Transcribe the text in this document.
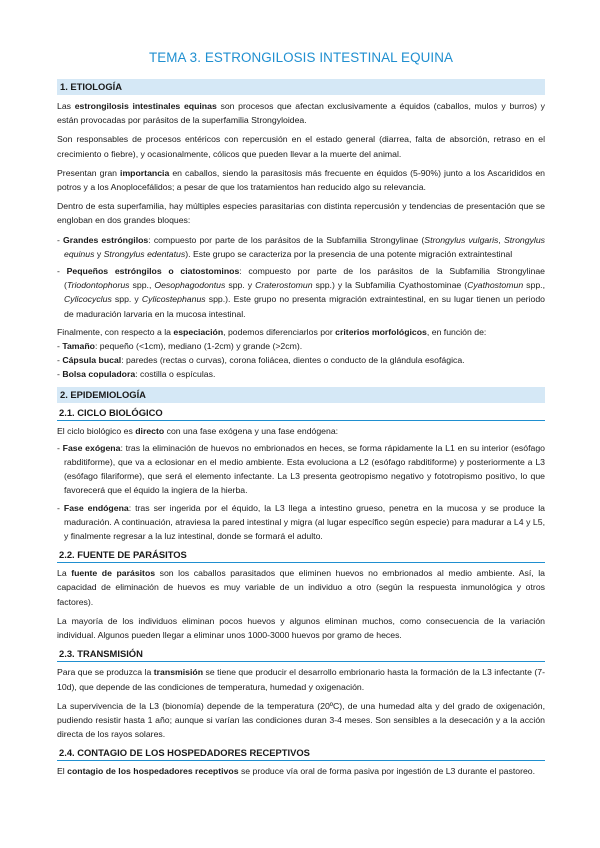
TEMA 3. ESTRONGILOSIS INTESTINAL EQUINA
1. ETIOLOGÍA

Las estrongilosis intestinales equinas son procesos que afectan exclusivamente a équidos (caballos, mulos y burros) y están provocadas por parásitos de la superfamilia Strongyloidea.

Son responsables de procesos entéricos con repercusión en el estado general (diarrea, falta de absorción, retraso en el crecimiento o fiebre), y ocasionalmente, cólicos que pueden llevar a la muerte del animal.

Presentan gran importancia en caballos, siendo la parasitosis más frecuente en équidos (5-90%) junto a los Ascarididos en potros y a los Anoplocefálidos; a pesar de que los tratamientos han reducido algo su relevancia.

Dentro de esta superfamilia, hay múltiples especies parasitarias con distinta repercusión y tendencias de presentación que se engloban en dos grandes bloques:

- Grandes estróngilos: compuesto por parte de los parásitos de la Subfamilia Strongylinae (Strongylus vulgaris, Strongylus equinus y Strongylus edentatus). Este grupo se caracteriza por la presencia de una potente migración extraintestinal
- Pequeños estróngilos o ciatostominos: compuesto por parte de los parásitos de la Subfamilia Strongylinae (Triodontophorus spp., Oesophagodontus spp. y Craterostomun spp.) y la Subfamilia Cyathostominae (Cyathostomun spp., Cylicocyclus spp. y Cylicostephanus spp.). Este grupo no presenta migración extraintestinal, en su lugar tienen un periodo de maduración larvaria en la mucosa intestinal.

Finalmente, con respecto a la especiación, podemos diferenciarlos por criterios morfológicos, en función de:

- Tamaño: pequeño (<1cm), mediano (1-2cm) y grande (>2cm).
- Cápsula bucal: paredes (rectas o curvas), corona foliácea, dientes o conducto de la glándula esofágica.
- Bolsa copuladora: costilla o espículas.
2. EPIDEMIOLOGÍA
2.1. CICLO BIOLÓGICO

El ciclo biológico es directo con una fase exógena y una fase endógena:

- Fase exógena: tras la eliminación de huevos no embrionados en heces, se forma rápidamente la L1 en su interior (esófago rabditiforme), que va a eclosionar en el medio ambiente. Esta evoluciona a L2 (esófago rabditiforme) y posteriormente a L3 (esófago filariforme), que será el elemento infectante. La L3 presenta geotropismo negativo y fototropismo positivo, lo que favorecerá que el équido la ingiera de la hierba.
- Fase endógena: tras ser ingerida por el équido, la L3 llega a intestino grueso, penetra en la mucosa y se produce la maduración. A continuación, atraviesa la pared intestinal y migra (al lugar específico según especie) para madurar a L4 y L5, y finalmente regresar a la luz intestinal, donde se formará el adulto.
2.2. FUENTE DE PARÁSITOS

La fuente de parásitos son los caballos parasitados que eliminen huevos no embrionados al medio ambiente. Así, la capacidad de eliminación de huevos es muy variable de un individuo a otro (según la respuesta inmunológica y otros factores).

La mayoría de los individuos eliminan pocos huevos y algunos eliminan muchos, como consecuencia de la variación individual. Algunos pueden llegar a eliminar unos 1000-3000 huevos por gramo de heces.

2.3. TRANSMISIÓN

Para que se produzca la transmisión se tiene que producir el desarrollo embrionario hasta la formación de la L3 infectante (7-10d), que depende de las condiciones de temperatura, humedad y oxigenación.

La supervivencia de la L3 (bionomía) depende de la temperatura (20ºC), de una humedad alta y del grado de oxigenación, pudiendo resistir hasta 1 año; aunque si varían las condiciones duran 3-4 meses. Son sensibles a la desecación y a la acción directa de los rayos solares.

2.4. CONTAGIO DE LOS HOSPEDADORES RECEPTIVOS

El contagio de los hospedadores receptivos se produce vía oral de forma pasiva por ingestión de L3 durante el pastoreo.
